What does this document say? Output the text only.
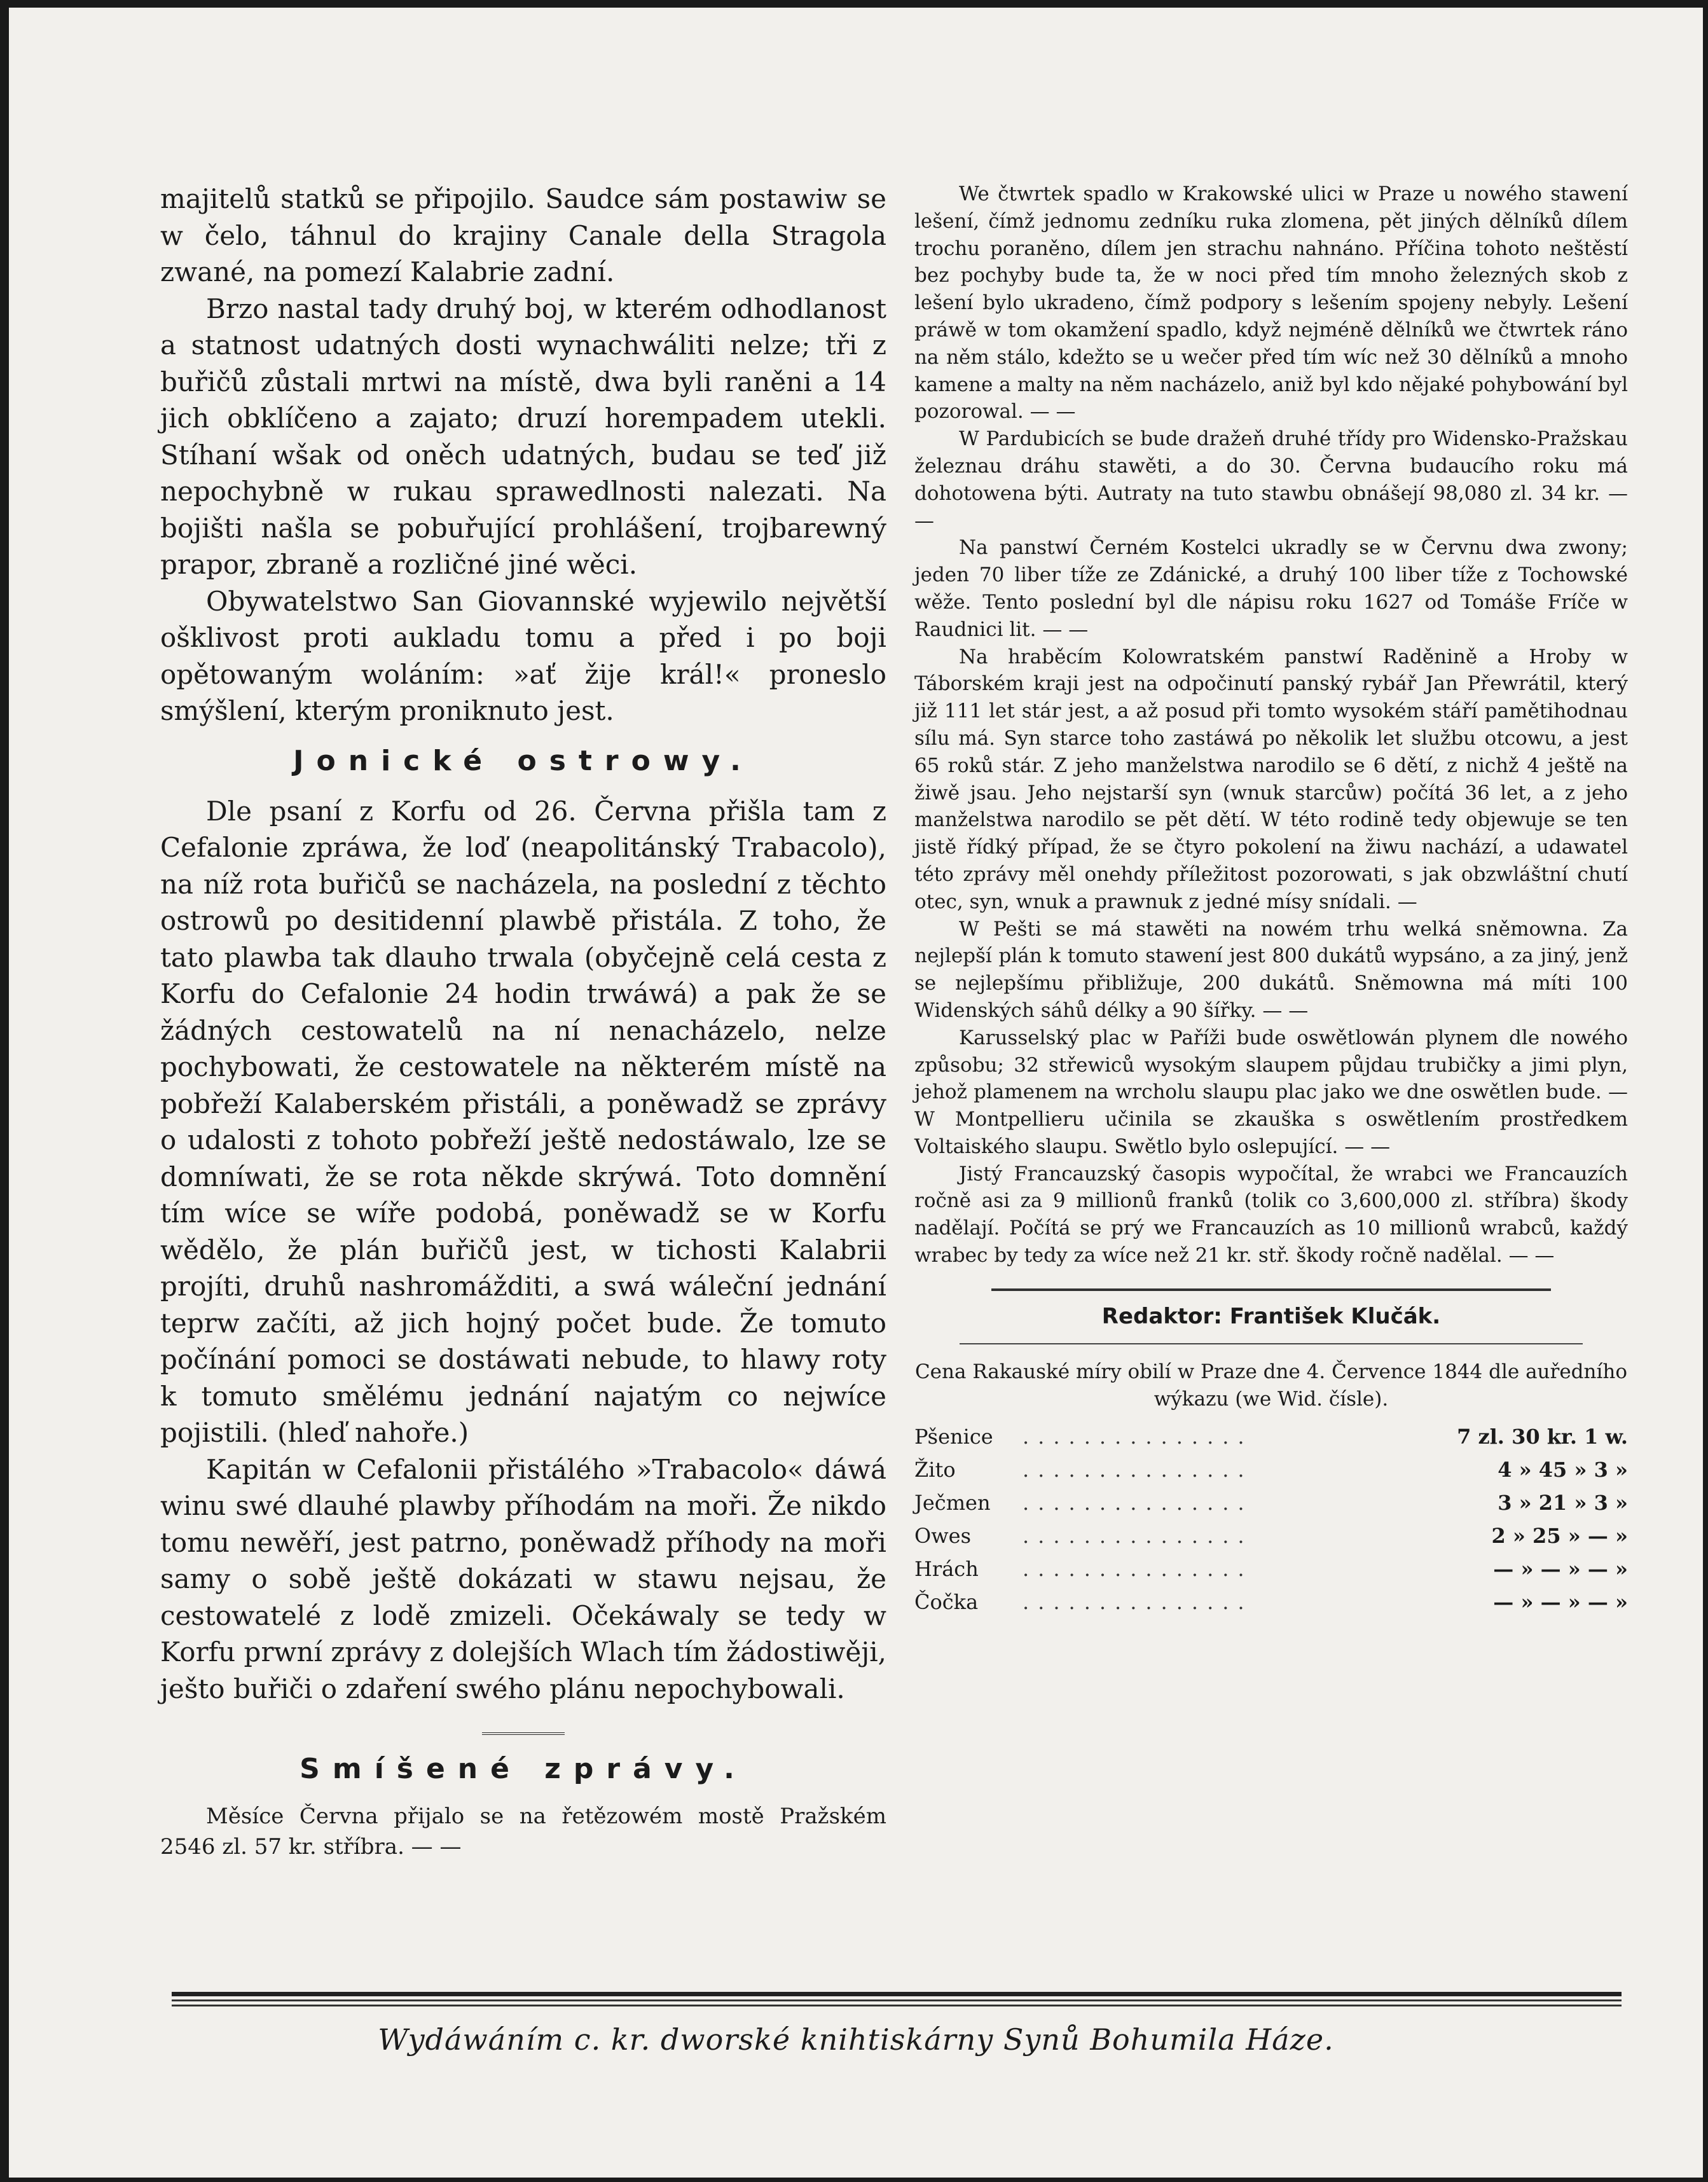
majitelů statků se připojilo. Saudce sám postawiw se w čelo, táhnul do krajiny Canale della Stragola zwané, na pomezí Kalabrie zadní.

Brzo nastal tady druhý boj, w kterém odhodlanost a statnost udatných dosti wynachwáliti nelze; tři z buřičů zůstali mrtwi na místě, dwa byli raněni a 14 jich obklíčeno a zajato; druzí horempadem utekli. Stíhaní wšak od oněch udatných, budau se teď již nepochybně w rukau sprawedlnosti nalezati. Na bojišti našla se pobuřující prohlášení, trojbarewný prapor, zbraně a rozličné jiné wěci.

Obywatelstwo San Giovannské wyjewilo největší ošklivost proti aukladu tomu a před i po boji opětowaným woláním: »ať žije král!« proneslo smýšlení, kterým proniknuto jest.

Jonické ostrowy.

Dle psaní z Korfu od 26. Června přišla tam z Cefalonie zpráwa, že loď (neapolitánský Trabacolo), na níž rota buřičů se nacházela, na poslední z těchto ostrowů po desitidenní plawbě přistála. Z toho, že tato plawba tak dlauho trwala (obyčejně celá cesta z Korfu do Cefalonie 24 hodin trwáwá) a pak že se žádných cestowatelů na ní nenacházelo, nelze pochybowati, že cestowatele na některém místě na pobřeží Kalaberském přistáli, a poněwadž se zprávy o udalosti z tohoto pobřeží ještě nedostáwalo, lze se domníwati, že se rota někde skrýwá. Toto domnění tím wíce se wíře podobá, poněwadž se w Korfu wědělo, že plán buřičů jest, w tichosti Kalabrii projíti, druhů nashromážditi, a swá wáleční jednání teprw začíti, až jich hojný počet bude. Že tomuto počínání pomoci se dostáwati nebude, to hlawy roty k tomuto smělému jednání najatým co nejwíce pojistili. (hleď nahoře.)

Kapitán w Cefalonii přistálého »Trabacolo« dáwá winu swé dlauhé plawby příhodám na moři. Že nikdo tomu newěří, jest patrno, poněwadž příhody na moři samy o sobě ještě dokázati w stawu nejsau, že cestowatelé z lodě zmizeli. Očekáwaly se tedy w Korfu prwní zprávy z dolejších Wlach tím žádostiwěji, ješto buřiči o zdaření swého plánu nepochybowali.

Smíšené zprávy.

Měsíce Června přijalo se na řetězowém mostě Pražském 2546 zl. 57 kr. stříbra. — —

We čtwrtek spadlo w Krakowské ulici w Praze u nowého stawení lešení, čímž jednomu zedníku ruka zlomena, pět jiných dělníků dílem trochu poraněno, dílem jen strachu nahnáno. Příčina tohoto neštěstí bez pochyby bude ta, že w noci před tím mnoho železných skob z lešení bylo ukradeno, čímž podpory s lešením spojeny nebyly. Lešení práwě w tom okamžení spadlo, když nejméně dělníků we čtwrtek ráno na něm stálo, kdežto se u wečer před tím wíc než 30 dělníků a mnoho kamene a malty na něm nacházelo, aniž byl kdo nějaké pohybowání byl pozorowal. — —

W Pardubicích se bude dražeň druhé třídy pro Widensko-Pražskau železnau dráhu stawěti, a do 30. Června budaucího roku má dohotowena býti. Autraty na tuto stawbu obnášejí 98,080 zl. 34 kr. — —

Na panstwí Černém Kostelci ukradly se w Červnu dwa zwony; jeden 70 liber tíže ze Zdánické, a druhý 100 liber tíže z Tochowské wěže. Tento poslední byl dle nápisu roku 1627 od Tomáše Fríče w Raudnici lit. — —

Na hraběcím Kolowratském panstwí Raděnině a Hroby w Táborském kraji jest na odpočinutí panský rybář Jan Přewrátil, který již 111 let stár jest, a až posud při tomto wysokém stáří pamětihodnau sílu má. Syn starce toho zastáwá po několik let službu otcowu, a jest 65 roků stár. Z jeho manželstwa narodilo se 6 dětí, z nichž 4 ještě na žiwě jsau. Jeho nejstarší syn (wnuk starcůw) počítá 36 let, a z jeho manželstwa narodilo se pět dětí. W této rodině tedy objewuje se ten jistě řídký případ, že se čtyro pokolení na žiwu nachází, a udawatel této zprávy měl onehdy příležitost pozorowati, s jak obzwláštní chutí otec, syn, wnuk a prawnuk z jedné mísy snídali. —

W Pešti se má stawěti na nowém trhu welká sněmowna. Za nejlepší plán k tomuto stawení jest 800 dukátů wypsáno, a za jiný, jenž se nejlepšímu přibližuje, 200 dukátů. Sněmowna má míti 100 Widenských sáhů délky a 90 šířky. — —

Karusselský plac w Paříži bude oswětlowán plynem dle nowého způsobu; 32 střewiců wysokým slaupem půjdau trubičky a jimi plyn, jehož plamenem na wrcholu slaupu plac jako we dne oswětlen bude. — W Montpellieru učinila se zkauška s oswětlením prostředkem Voltaiského slaupu. Swětlo bylo oslepující. — —

Jistý Francauzský časopis wypočítal, že wrabci we Francauzích ročně asi za 9 millionů franků (tolik co 3,600,000 zl. stříbra) škody nadělají. Počítá se prý we Francauzích as 10 millionů wrabců, každý wrabec by tedy za wíce než 21 kr. stř. škody ročně nadělal. — —

Redaktor: František Klučák.

Cena Rakauské míry obilí w Praze dne 4. Července 1844 dle auředního wýkazu (we Wid. čísle).

Pšenice	...............	7 zl. 30 kr. 1 w.
Žito	...............	4 » 45 » 3 »
Ječmen	...............	3 » 21 » 3 »
Owes	...............	2 » 25 » — »
Hrách	...............	— » — » — »
Čočka	...............	— » — » — »
Wydáwáním c. kr. dworské knihtiskárny Synů Bohumila Háze.
